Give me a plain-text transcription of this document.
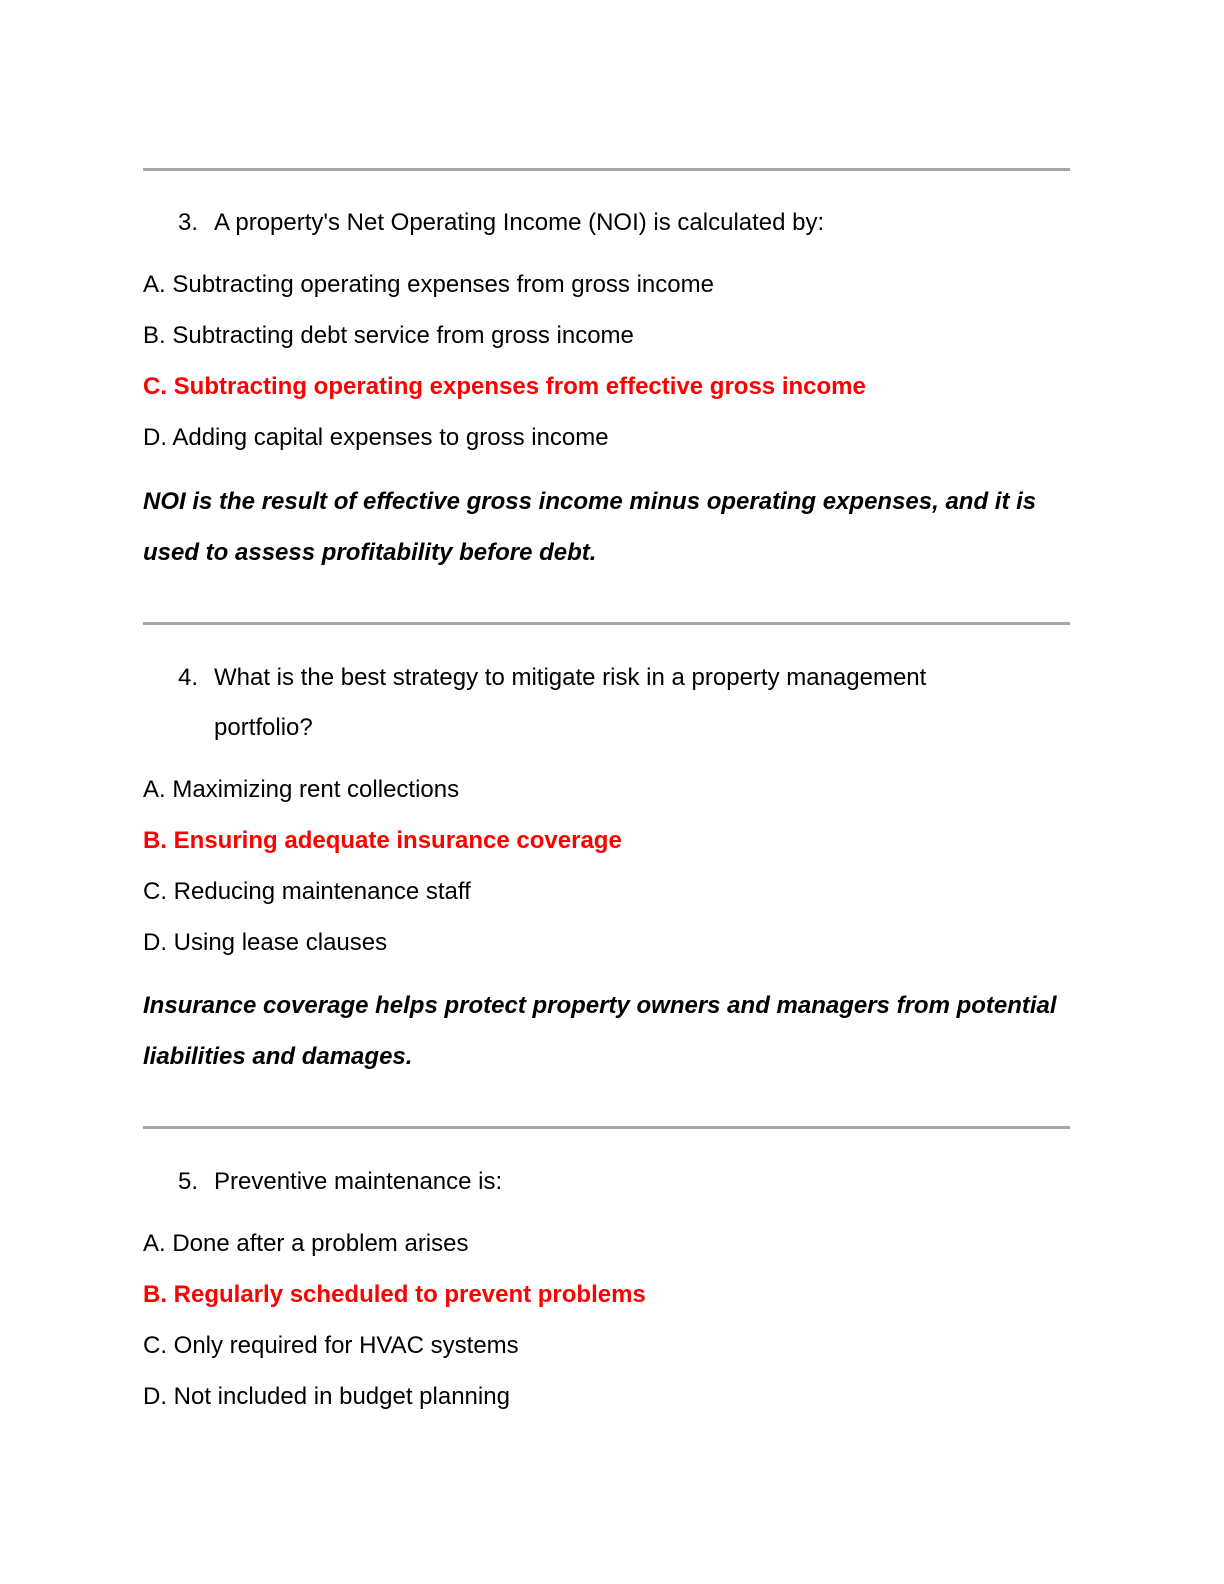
3. A property's Net Operating Income (NOI) is calculated by:
A. Subtracting operating expenses from gross income
B. Subtracting debt service from gross income
C. Subtracting operating expenses from effective gross income
D. Adding capital expenses to gross income
NOI is the result of effective gross income minus operating expenses, and it is used to assess profitability before debt.
4. What is the best strategy to mitigate risk in a property management portfolio?
A. Maximizing rent collections
B. Ensuring adequate insurance coverage
C. Reducing maintenance staff
D. Using lease clauses
Insurance coverage helps protect property owners and managers from potential liabilities and damages.
5. Preventive maintenance is:
A. Done after a problem arises
B. Regularly scheduled to prevent problems
C. Only required for HVAC systems
D. Not included in budget planning
